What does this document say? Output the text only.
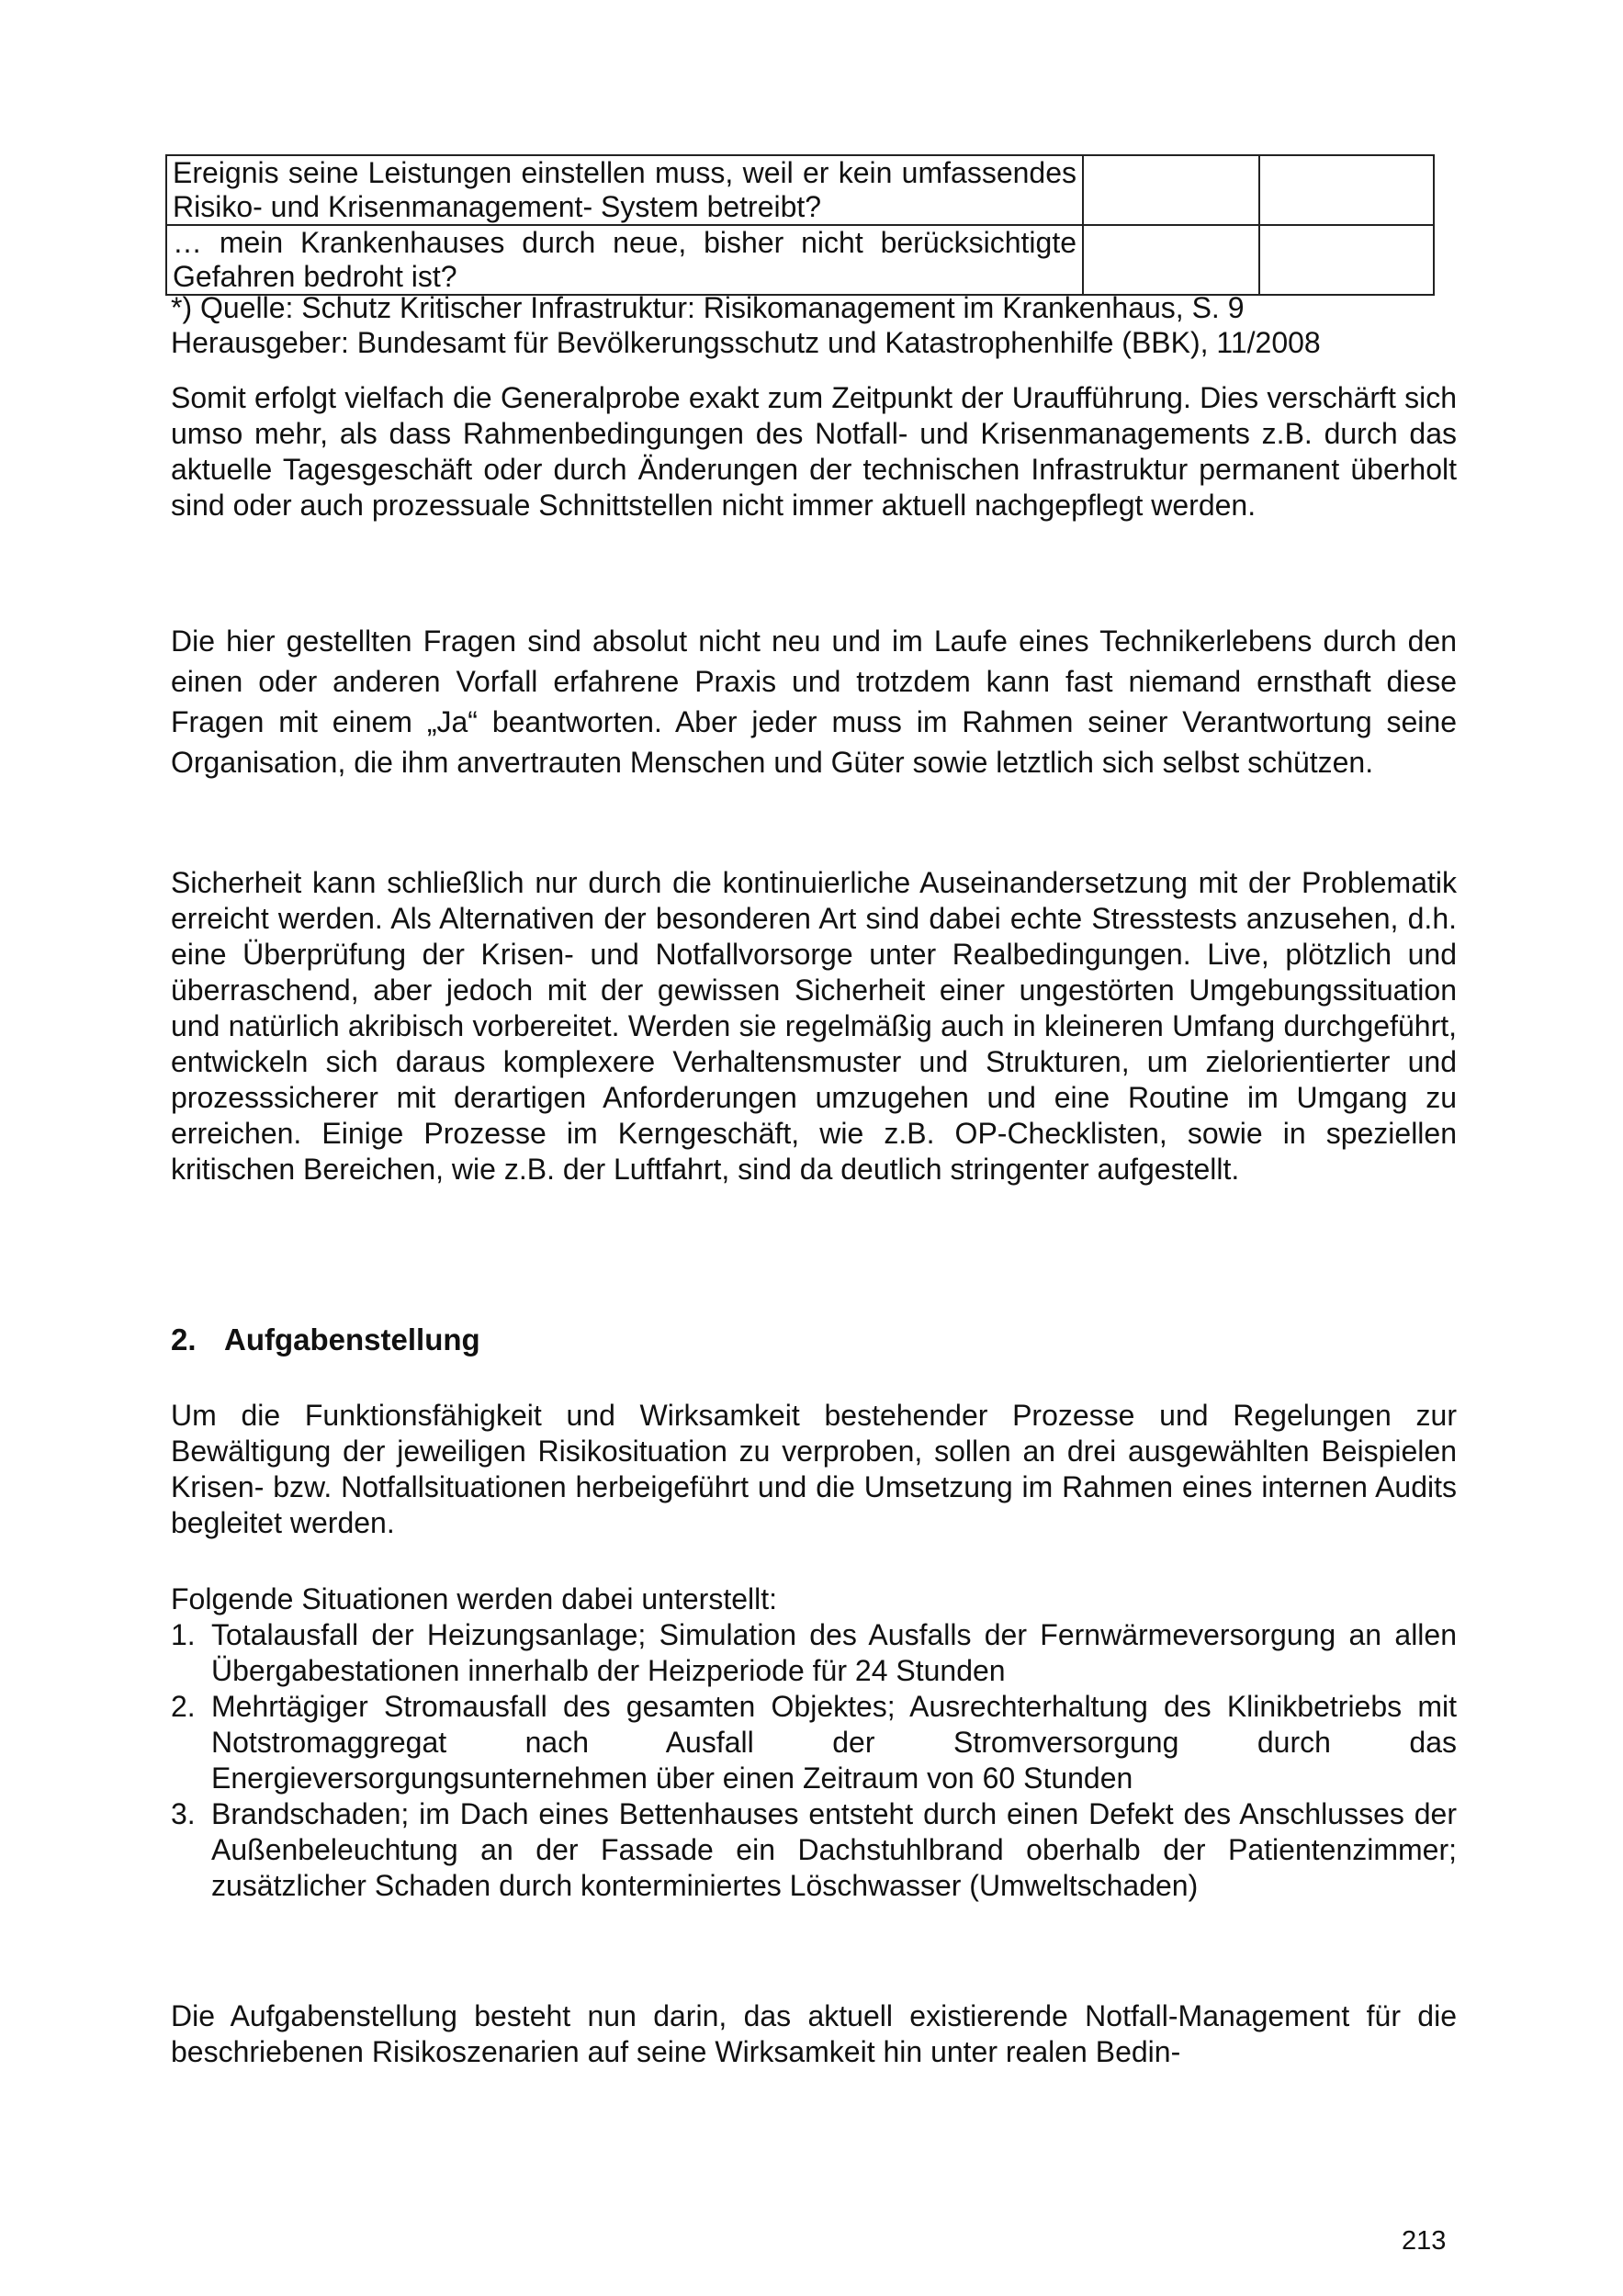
Ereignis seine Leistungen einstellen muss, weil er kein umfassendes Risiko- und Krisenmanagement- System betreibt?		
… mein Krankenhauses durch neue, bisher nicht berücksichtigte Gefahren bedroht ist?		
*) Quelle: Schutz Kritischer Infrastruktur: Risikomanagement im Krankenhaus, S. 9
Herausgeber: Bundesamt für Bevölkerungsschutz und Katastrophenhilfe (BBK), 11/2008

Somit erfolgt vielfach die Generalprobe exakt zum Zeitpunkt der Uraufführung. Dies verschärft sich umso mehr, als dass Rahmenbedingungen des Notfall- und Krisenmanagements z.B. durch das aktuelle Tagesgeschäft oder durch Änderungen der technischen Infrastruktur permanent überholt sind oder auch prozessuale Schnittstellen nicht immer aktuell nachgepflegt werden.

Die hier gestellten Fragen sind absolut nicht neu und im Laufe eines Technikerlebens durch den einen oder anderen Vorfall erfahrene Praxis und trotzdem kann fast niemand ernsthaft diese Fragen mit einem „Ja“ beantworten. Aber jeder muss im Rahmen seiner Verantwortung seine Organisation, die ihm anvertrauten Menschen und Güter sowie letztlich sich selbst schützen.

Sicherheit kann schließlich nur durch die kontinuierliche Auseinandersetzung mit der Problematik erreicht werden. Als Alternativen der besonderen Art sind dabei echte Stresstests anzusehen, d.h. eine Überprüfung der Krisen- und Notfallvorsorge unter Realbedingungen. Live, plötzlich und überraschend, aber jedoch mit der gewissen Sicherheit einer ungestörten Umgebungssituation und natürlich akribisch vorbereitet. Werden sie regelmäßig auch in kleineren Umfang durchgeführt, entwickeln sich daraus komplexere Verhaltensmuster und Strukturen, um zielorientierter und prozesssicherer mit derartigen Anforderungen umzugehen und eine Routine im Umgang zu erreichen. Einige Prozesse im Kerngeschäft, wie z.B. OP-Checklisten, sowie in speziellen kritischen Bereichen, wie z.B. der Luftfahrt, sind da deutlich stringenter aufgestellt.

2. Aufgabenstellung

Um die Funktionsfähigkeit und Wirksamkeit bestehender Prozesse und Regelungen zur Bewältigung der jeweiligen Risikosituation zu verproben, sollen an drei ausgewählten Beispielen Krisen- bzw. Notfallsituationen herbeigeführt und die Umsetzung im Rahmen eines internen Audits begleitet werden.

Folgende Situationen werden dabei unterstellt:

1. Totalausfall der Heizungsanlage; Simulation des Ausfalls der Fernwärmeversorgung an allen Übergabestationen innerhalb der Heizperiode für 24 Stunden
2. Mehrtägiger Stromausfall des gesamten Objektes; Ausrechterhaltung des Klinikbetriebs mit Notstromaggregat nach Ausfall der Stromversorgung durch das Energieversorgungsunternehmen über einen Zeitraum von 60 Stunden
3. Brandschaden; im Dach eines Bettenhauses entsteht durch einen Defekt des Anschlusses der Außenbeleuchtung an der Fassade ein Dachstuhlbrand oberhalb der Patientenzimmer; zusätzlicher Schaden durch konterminiertes Löschwasser (Umweltschaden)

Die Aufgabenstellung besteht nun darin, das aktuell existierende Notfall-Management für die beschriebenen Risikoszenarien auf seine Wirksamkeit hin unter realen Bedin-

213
